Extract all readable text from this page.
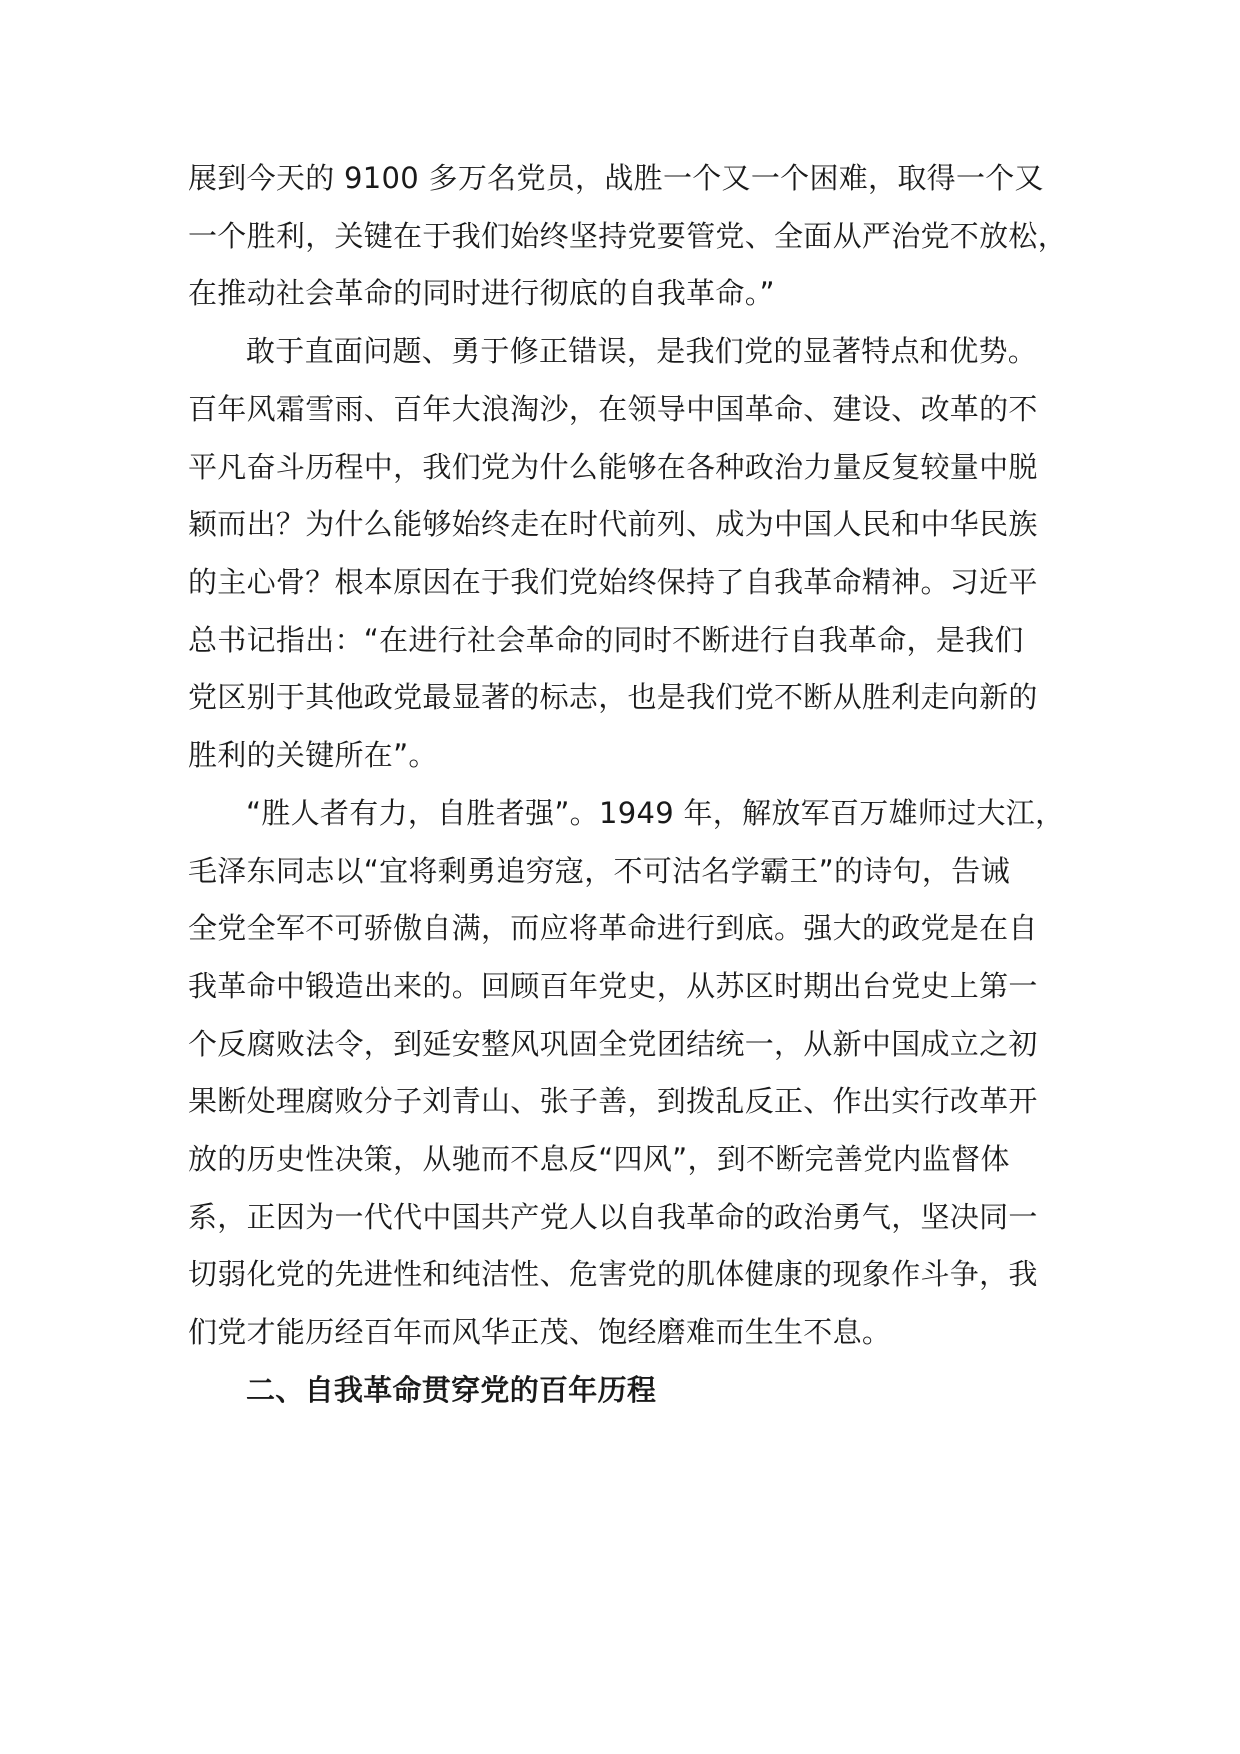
展到今天的 9100 多万名党员，战胜一个又一个困难，取得一个又

一个胜利，关键在于我们始终坚持党要管党、全面从严治党不放松，

在推动社会革命的同时进行彻底的自我革命。”

敢于直面问题、勇于修正错误，是我们党的显著特点和优势。

百年风霜雪雨、百年大浪淘沙，在领导中国革命、建设、改革的不

平凡奋斗历程中，我们党为什么能够在各种政治力量反复较量中脱

颖而出？为什么能够始终走在时代前列、成为中国人民和中华民族

的主心骨？根本原因在于我们党始终保持了自我革命精神。习近平

总书记指出：“在进行社会革命的同时不断进行自我革命，是我们

党区别于其他政党最显著的标志，也是我们党不断从胜利走向新的

胜利的关键所在”。

“胜人者有力，自胜者强”。1949 年，解放军百万雄师过大江，

毛泽东同志以“宜将剩勇追穷寇，不可沽名学霸王”的诗句，告诫

全党全军不可骄傲自满，而应将革命进行到底。强大的政党是在自

我革命中锻造出来的。回顾百年党史，从苏区时期出台党史上第一

个反腐败法令，到延安整风巩固全党团结统一，从新中国成立之初

果断处理腐败分子刘青山、张子善，到拨乱反正、作出实行改革开

放的历史性决策，从驰而不息反“四风”，到不断完善党内监督体

系，正因为一代代中国共产党人以自我革命的政治勇气，坚决同一

切弱化党的先进性和纯洁性、危害党的肌体健康的现象作斗争，我

们党才能历经百年而风华正茂、饱经磨难而生生不息。

二、自我革命贯穿党的百年历程
